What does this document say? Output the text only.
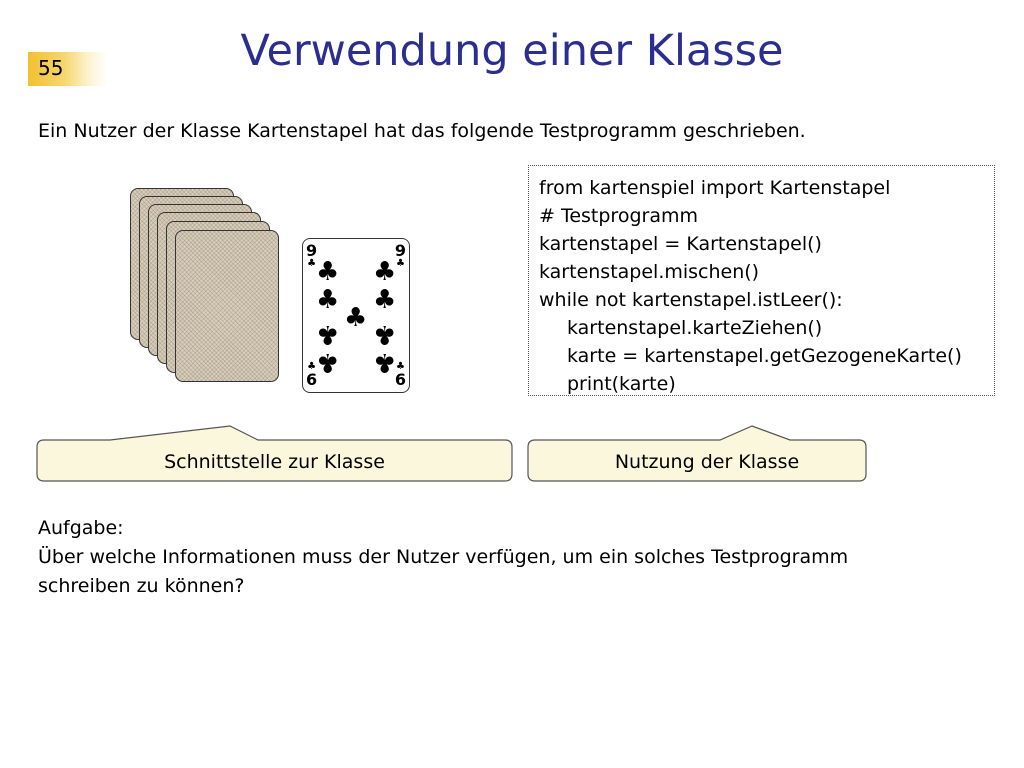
55	Verwendung einer Klasse
Ein Nutzer der Klasse Kartenstapel hat das folgende Testprogramm geschrieben.
9
♣
9
♣
♣
6
♣
6
♣ ♣
♣ ♣
♣
♣ ♣
♣ ♣
from kartenspiel import Kartenstapel
# Testprogramm
kartenstapel = Kartenstapel()
kartenstapel.mischen()
while not kartenstapel.istLeer():
kartenstapel.karteZiehen()
karte = kartenstapel.getGezogeneKarte()
print(karte)
Schnittstelle zur Klasse	Nutzung der Klasse
Aufgabe:
Über welche Informationen muss der Nutzer verfügen, um ein solches Testprogramm
schreiben zu können?
